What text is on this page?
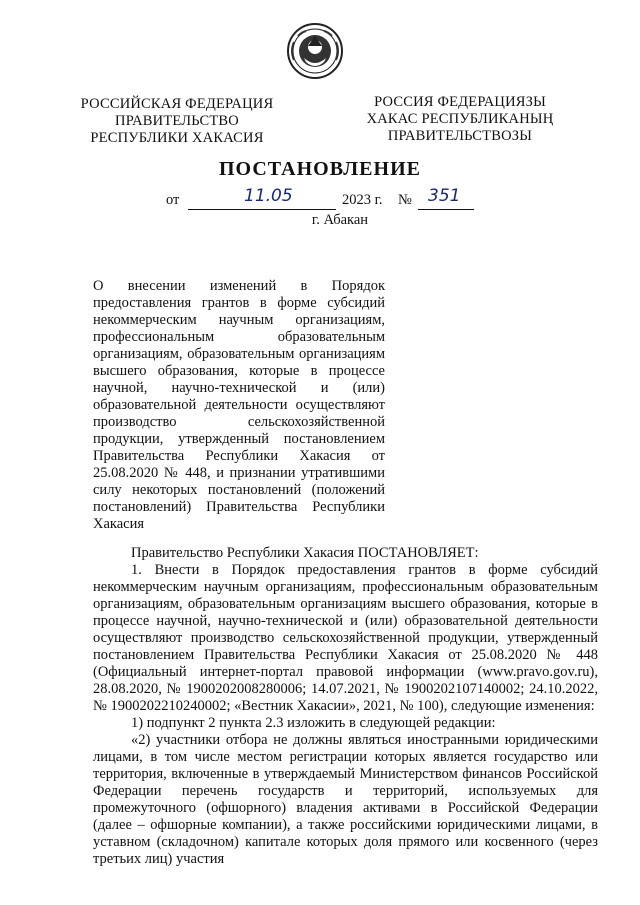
РОССИЙСКАЯ ФЕДЕРАЦИЯ
ПРАВИТЕЛЬСТВО
РЕСПУБЛИКИ ХАКАСИЯ
РОССИЯ ФЕДЕРАЦИЯЗЫ
ХАКАС РЕСПУБЛИКАНЫҢ
ПРАВИТЕЛЬСТВОЗЫ
ПОСТАНОВЛЕНИЕ
от	11.05	2023 г. № 351
г. Абакан
О внесении изменений в Порядок предоставления грантов в форме субсидий некоммерческим научным организациям, профессиональным образовательным организациям, образовательным организациям высшего образования, которые в процессе научной, научно-технической и (или) образовательной деятельности осуществляют производство сельскохозяйственной продукции, утвержденный постановлением Правительства Республики Хакасия от 25.08.2020 № 448, и признании утратившими силу некоторых постановлений (положений постановлений) Правительства Республики Хакасия

Правительство Республики Хакасия ПОСТАНОВЛЯЕТ:

1. Внести в Порядок предоставления грантов в форме субсидий некоммерческим научным организациям, профессиональным образовательным организациям, образовательным организациям высшего образования, которые в процессе научной, научно-технической и (или) образовательной деятельности осуществляют производство сельскохозяйственной продукции, утвержденный постановлением Правительства Республики Хакасия от 25.08.2020 № 448 (Официальный интернет-портал правовой информации (www.pravo.gov.ru), 28.08.2020, № 1900202008280006; 14.07.2021, № 1900202107140002; 24.10.2022, № 1900202210240002; «Вестник Хакасии», 2021, № 100), следующие изменения:

1) подпункт 2 пункта 2.3 изложить в следующей редакции:

«2) участники отбора не должны являться иностранными юридическими лицами, в том числе местом регистрации которых является государство или территория, включенные в утверждаемый Министерством финансов Российской Федерации перечень государств и территорий, используемых для промежуточного (офшорного) владения активами в Российской Федерации (далее – офшорные компании), а также российскими юридическими лицами, в уставном (складочном) капитале которых доля прямого или косвенного (через третьих лиц) участия
